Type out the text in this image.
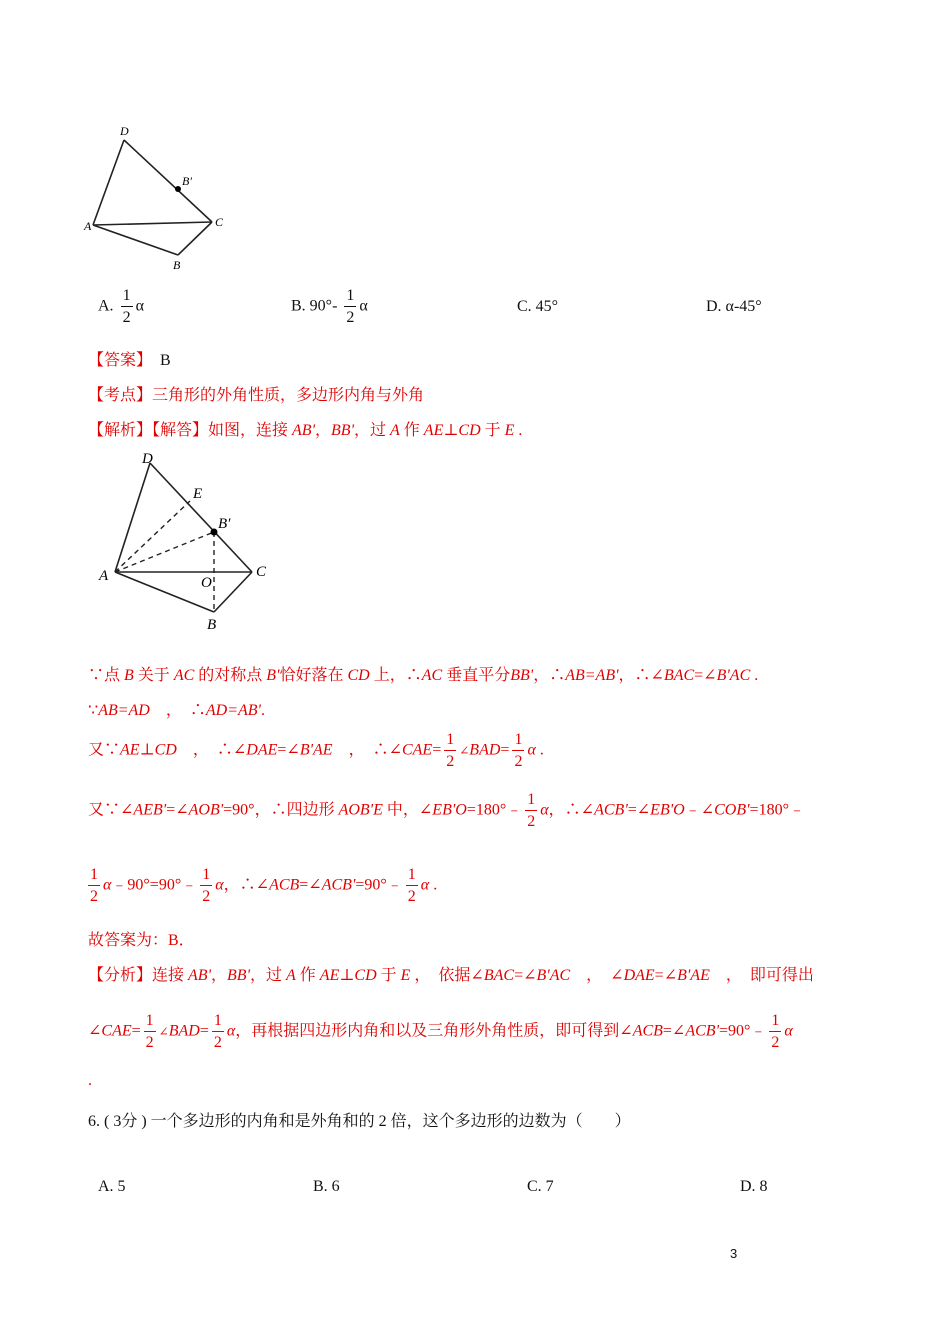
D
B′
A	C
B
A. $\frac{1}{2}$ α	B. $90^\circ- \frac{1}{2}$ α	C. 45°	D. α-45°
【答案】 B
【考点】三角形的外角性质，多边形内角与外角
【解析】【解答】如图，连接 AB'，BB'，过 A 作 AE⊥CD 于 E .
D
E
B′
A	O
C
B
∵点 B 关于 AC 的对称点 B'恰好落在 CD 上，∴AC 垂直平分BB'，∴AB=AB'，∴∠BAC=∠B'AC .
∵AB=AD　，　∴AD=AB'.
又∵AE⊥CD　，　∴∠DAE=∠B'AE　，　∴∠CAE= $\frac{1}{2}$ ∠BAD= $\frac{1}{2}$ α .
又∵∠AEB'=∠AOB'=90°，∴四边形 AOB'E 中，∠EB'O=180°﹣ $\frac{1}{2}$ α，∴∠ACB'=∠EB'O﹣∠COB'=180°﹣
$\frac{1}{2}$ α﹣90°=90°﹣ $\frac{1}{2}$ α，∴∠ACB=∠ACB'=90°﹣ $\frac{1}{2}$ α .
故答案为：B．
【分析】连接 AB'，BB'，过 A 作 AE⊥CD 于 E ，　依据∠BAC=∠B'AC　，　∠DAE=∠B'AE　，　即可得出
∠CAE= $\frac{1}{2}$ ∠BAD= $\frac{1}{2}$ α，再根据四边形内角和以及三角形外角性质，即可得到∠ACB=∠ACB'=90°﹣ $\frac{1}{2}$ α
.
6. ( 3分 ) 一个多边形的内角和是外角和的 2 倍，这个多边形的边数为（　　）
A. 5	B. 6	C. 7	D. 8
3
